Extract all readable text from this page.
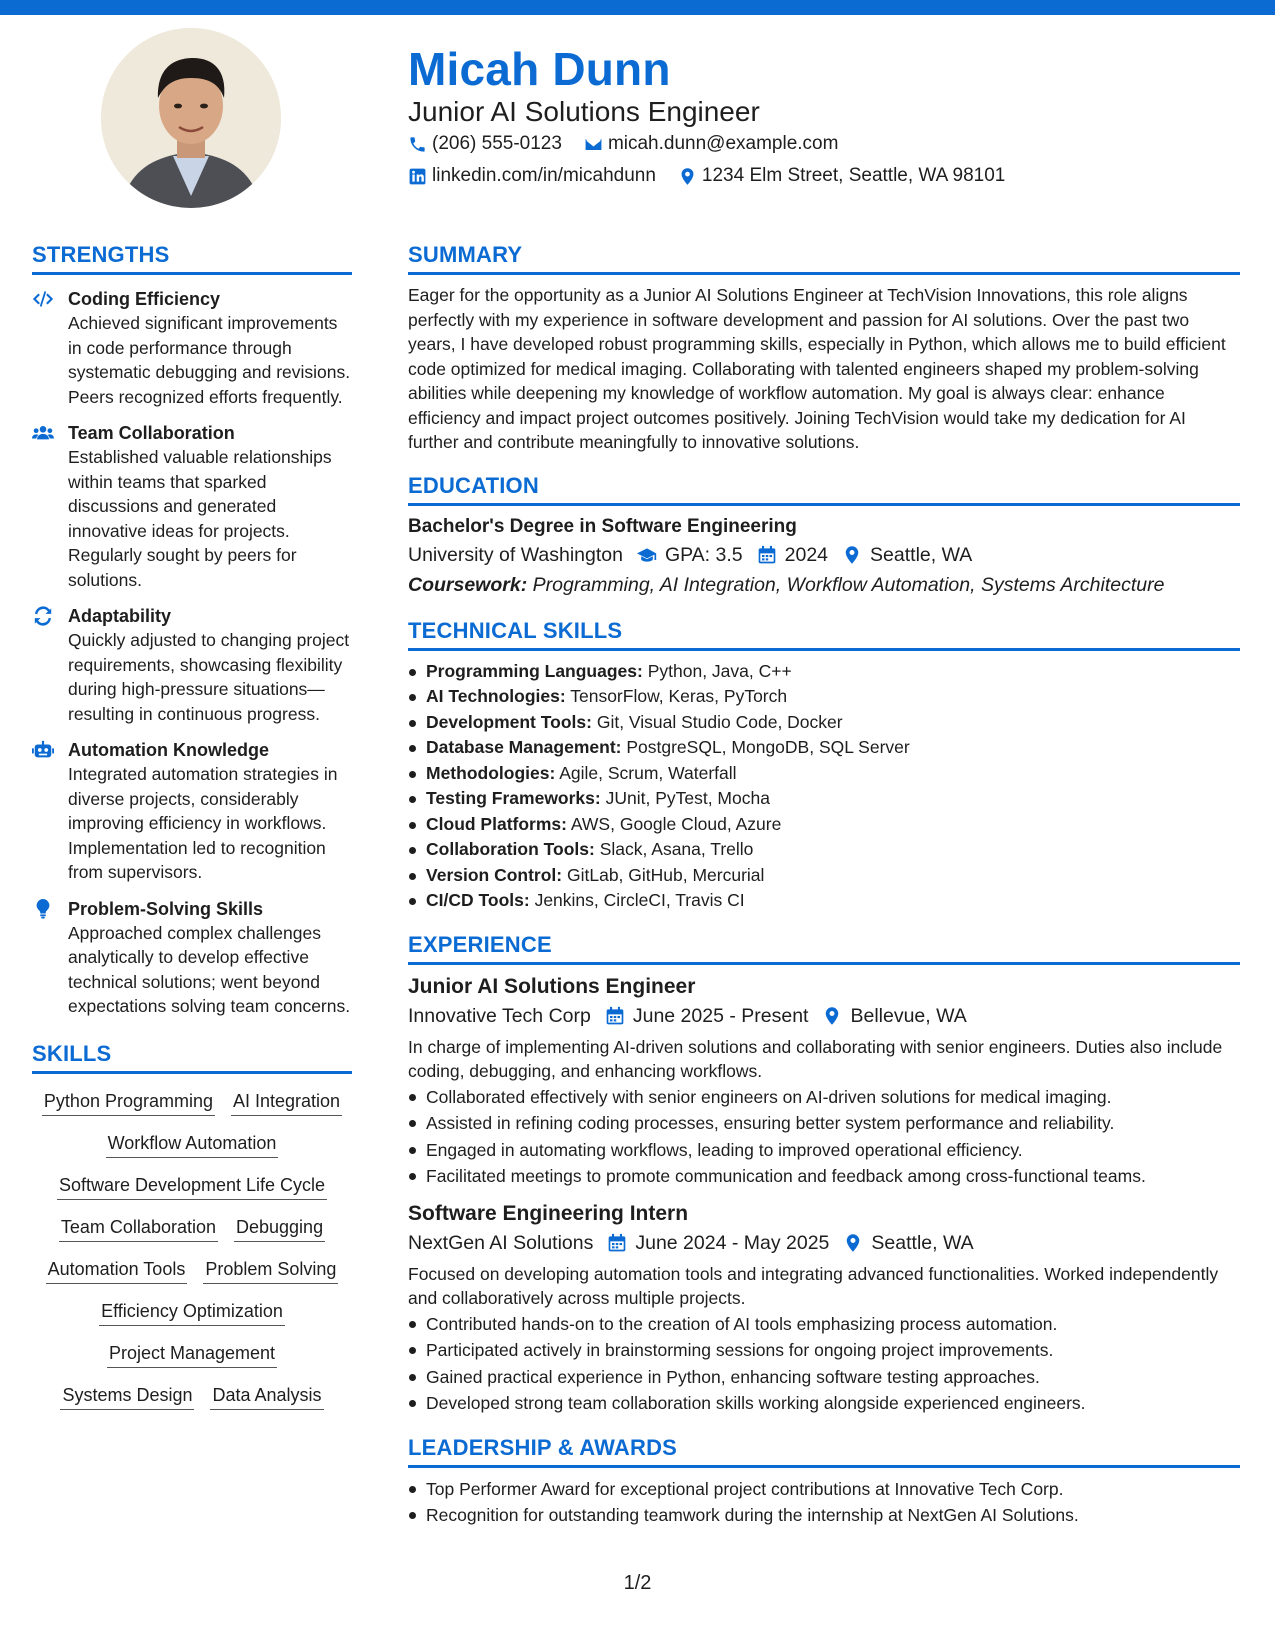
Micah Dunn
Junior AI Solutions Engineer
(206) 555-0123 micah.dunn@example.com
linkedin.com/in/micahdunn 1234 Elm Street, Seattle, WA 98101
STRENGTHS
Coding Efficiency
Achieved significant improvements in code performance through systematic debugging and revisions. Peers recognized efforts frequently.
Team Collaboration
Established valuable relationships within teams that sparked discussions and generated innovative ideas for projects. Regularly sought by peers for solutions.
Adaptability
Quickly adjusted to changing project requirements, showcasing flexibility during high-pressure situations—resulting in continuous progress.
Automation Knowledge
Integrated automation strategies in diverse projects, considerably improving efficiency in workflows. Implementation led to recognition from supervisors.
Problem-Solving Skills
Approached complex challenges analytically to develop effective technical solutions; went beyond expectations solving team concerns.
SKILLS
Python Programming AI Integration
Workflow Automation
Software Development Life Cycle
Team Collaboration Debugging
Automation Tools Problem Solving
Efficiency Optimization
Project Management
Systems Design Data Analysis
SUMMARY
Eager for the opportunity as a Junior AI Solutions Engineer at TechVision Innovations, this role aligns perfectly with my experience in software development and passion for AI solutions. Over the past two years, I have developed robust programming skills, especially in Python, which allows me to build efficient code optimized for medical imaging. Collaborating with talented engineers shaped my problem-solving abilities while deepening my knowledge of workflow automation. My goal is always clear: enhance efficiency and impact project outcomes positively. Joining TechVision would take my dedication for AI further and contribute meaningfully to innovative solutions.
EDUCATION
Bachelor's Degree in Software Engineering
University of Washington GPA: 3.5 2024 Seattle, WA
Coursework: Programming, AI Integration, Workflow Automation, Systems Architecture
TECHNICAL SKILLS
Programming Languages: Python, Java, C++
AI Technologies: TensorFlow, Keras, PyTorch
Development Tools: Git, Visual Studio Code, Docker
Database Management: PostgreSQL, MongoDB, SQL Server
Methodologies: Agile, Scrum, Waterfall
Testing Frameworks: JUnit, PyTest, Mocha
Cloud Platforms: AWS, Google Cloud, Azure
Collaboration Tools: Slack, Asana, Trello
Version Control: GitLab, GitHub, Mercurial
CI/CD Tools: Jenkins, CircleCI, Travis CI
EXPERIENCE
Junior AI Solutions Engineer
Innovative Tech Corp June 2025 - Present Bellevue, WA
In charge of implementing AI-driven solutions and collaborating with senior engineers. Duties also include coding, debugging, and enhancing workflows.
Collaborated effectively with senior engineers on AI-driven solutions for medical imaging.
Assisted in refining coding processes, ensuring better system performance and reliability.
Engaged in automating workflows, leading to improved operational efficiency.
Facilitated meetings to promote communication and feedback among cross-functional teams.
Software Engineering Intern
NextGen AI Solutions June 2024 - May 2025 Seattle, WA
Focused on developing automation tools and integrating advanced functionalities. Worked independently and collaboratively across multiple projects.
Contributed hands-on to the creation of AI tools emphasizing process automation.
Participated actively in brainstorming sessions for ongoing project improvements.
Gained practical experience in Python, enhancing software testing approaches.
Developed strong team collaboration skills working alongside experienced engineers.
LEADERSHIP & AWARDS
Top Performer Award for exceptional project contributions at Innovative Tech Corp.
Recognition for outstanding teamwork during the internship at NextGen AI Solutions.
1/2
